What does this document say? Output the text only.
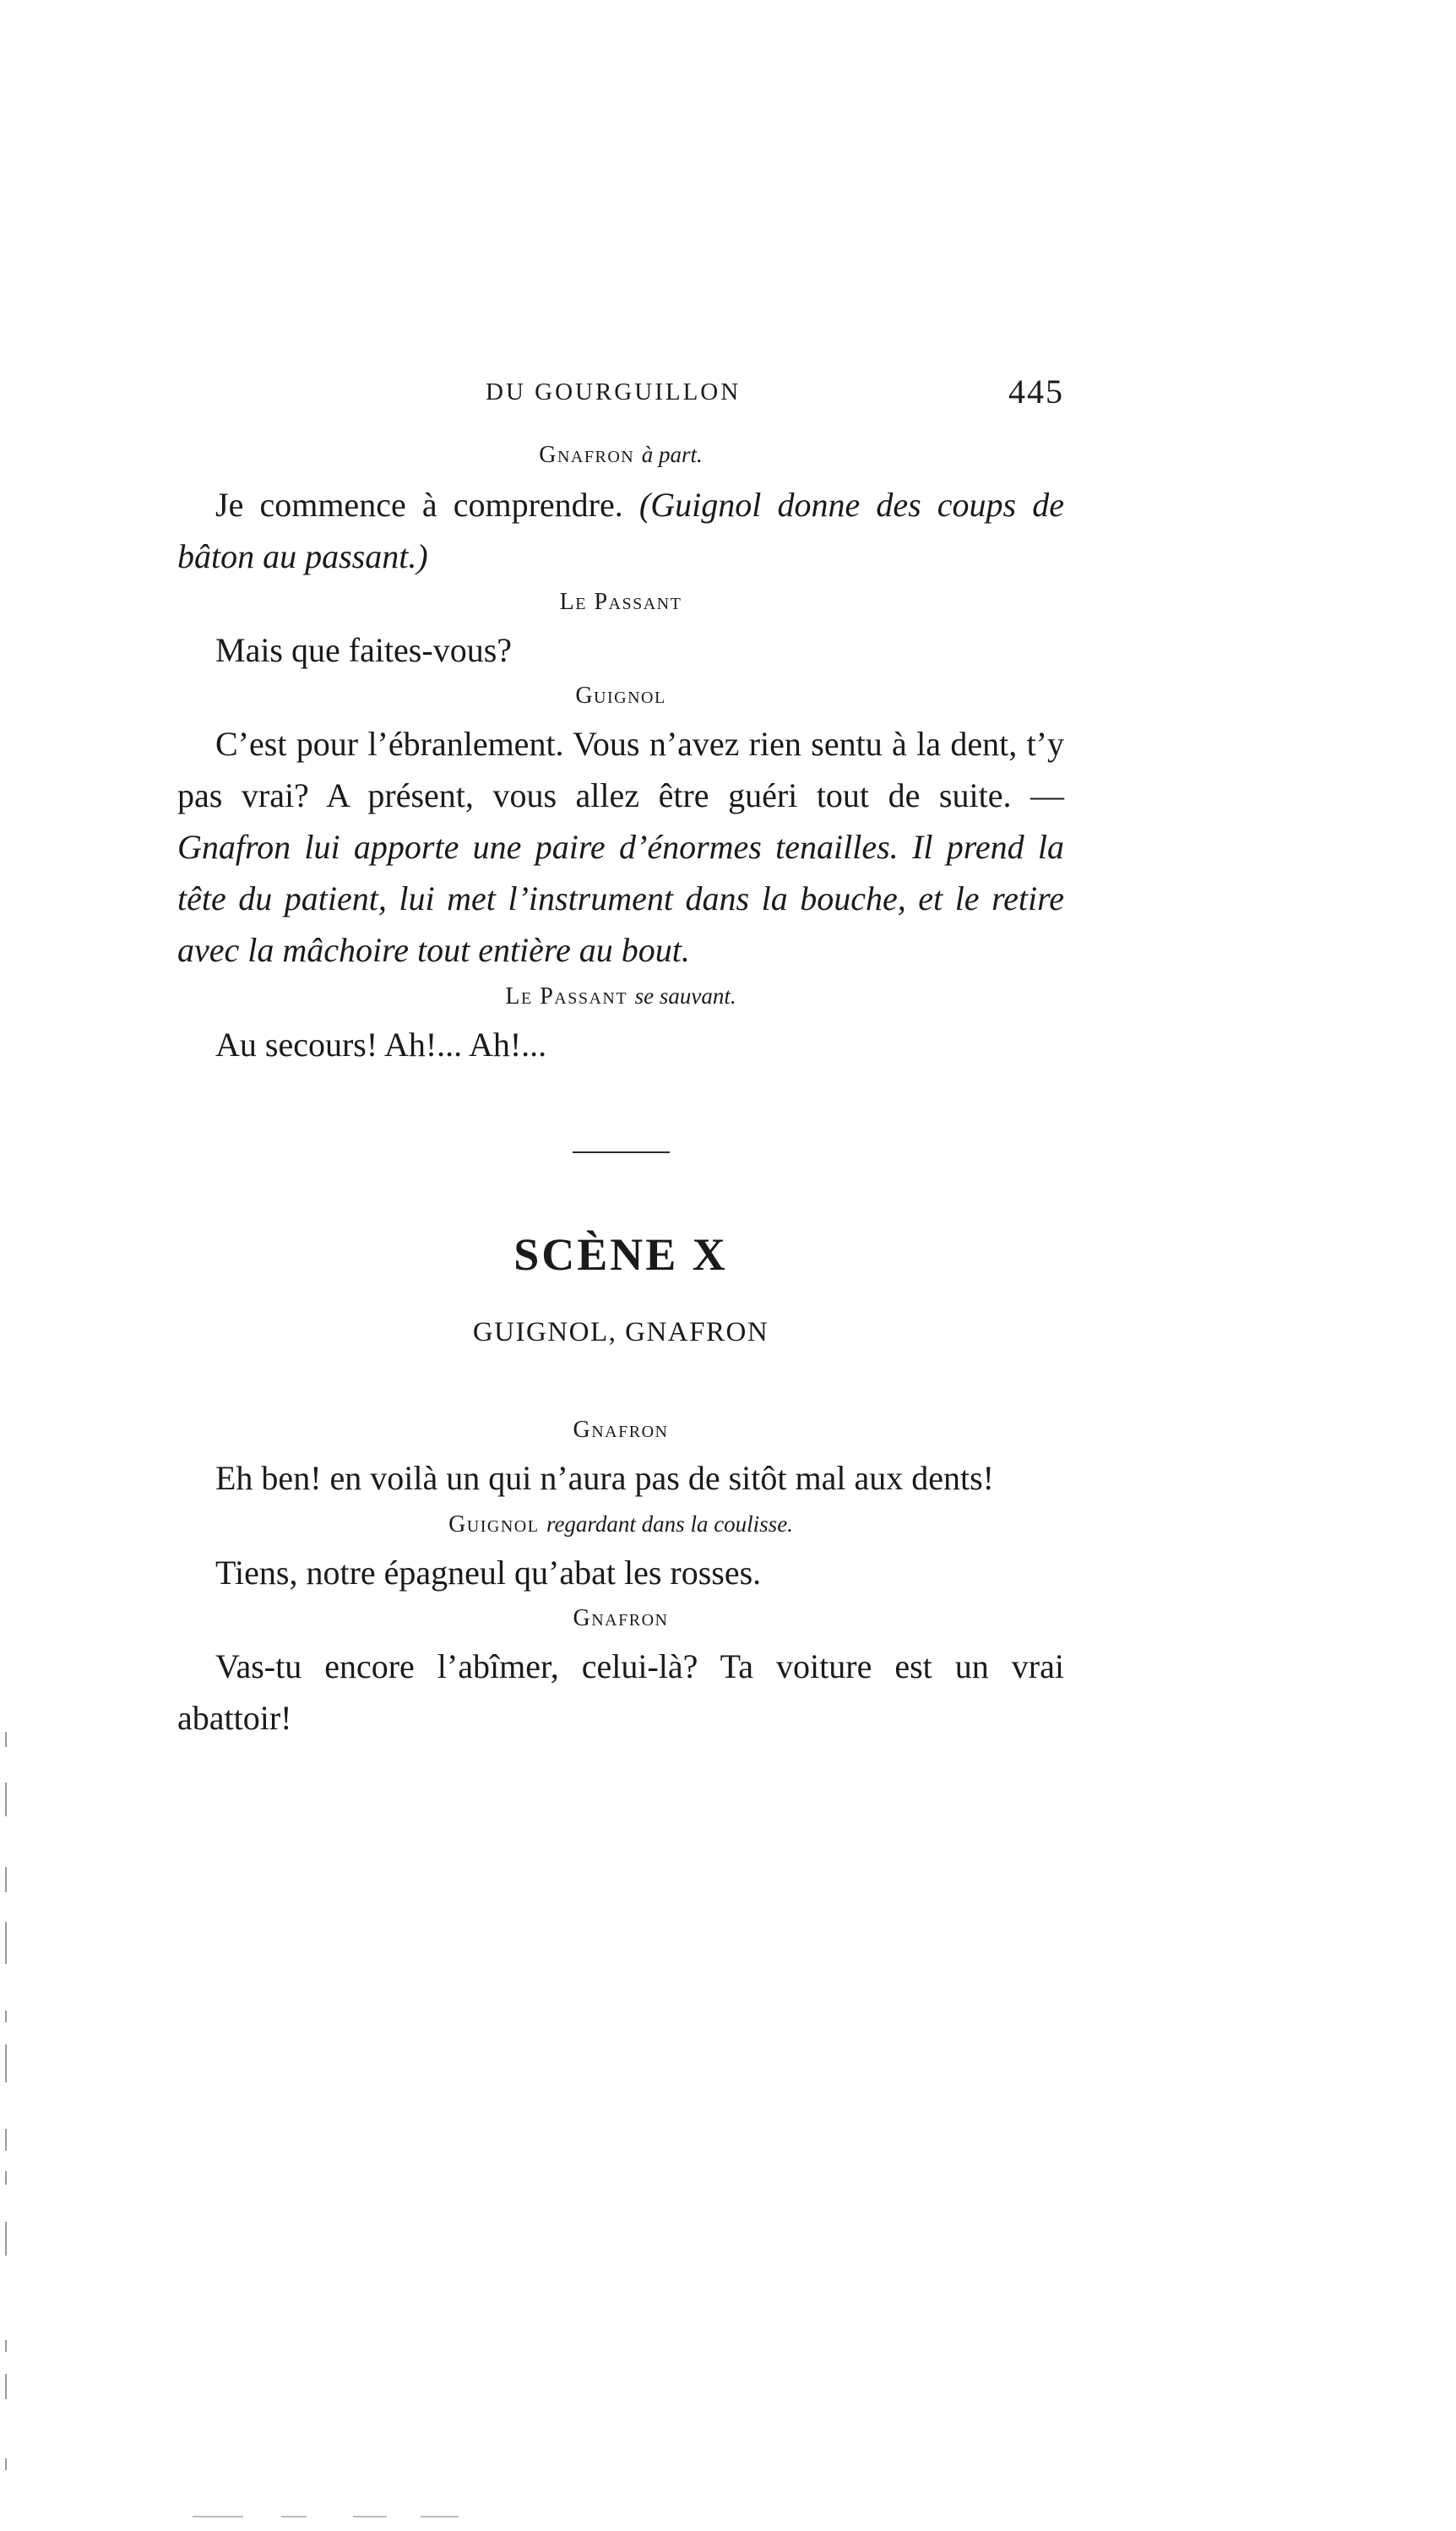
DU GOURGUILLON	445

Gnafron à part.

Je commence à comprendre. (Guignol donne des coups de bâton au passant.)

Le Passant

Mais que faites-vous?

Guignol

C’est pour l’ébranlement. Vous n’avez rien sentu à la dent, t’y pas vrai? A présent, vous allez être guéri tout de suite. — Gnafron lui apporte une paire d’énormes tenailles. Il prend la tête du patient, lui met l’instrument dans la bouche, et le retire avec la mâchoire tout entière au bout.

Le Passant se sauvant.

Au secours! Ah!... Ah!...

SCÈNE X

GUIGNOL, GNAFRON

Gnafron

Eh ben! en voilà un qui n’aura pas de sitôt mal aux dents!

Guignol regardant dans la coulisse.

Tiens, notre épagneul qu’abat les rosses.

Gnafron

Vas-tu encore l’abîmer, celui-là? Ta voiture est un vrai abattoir!
